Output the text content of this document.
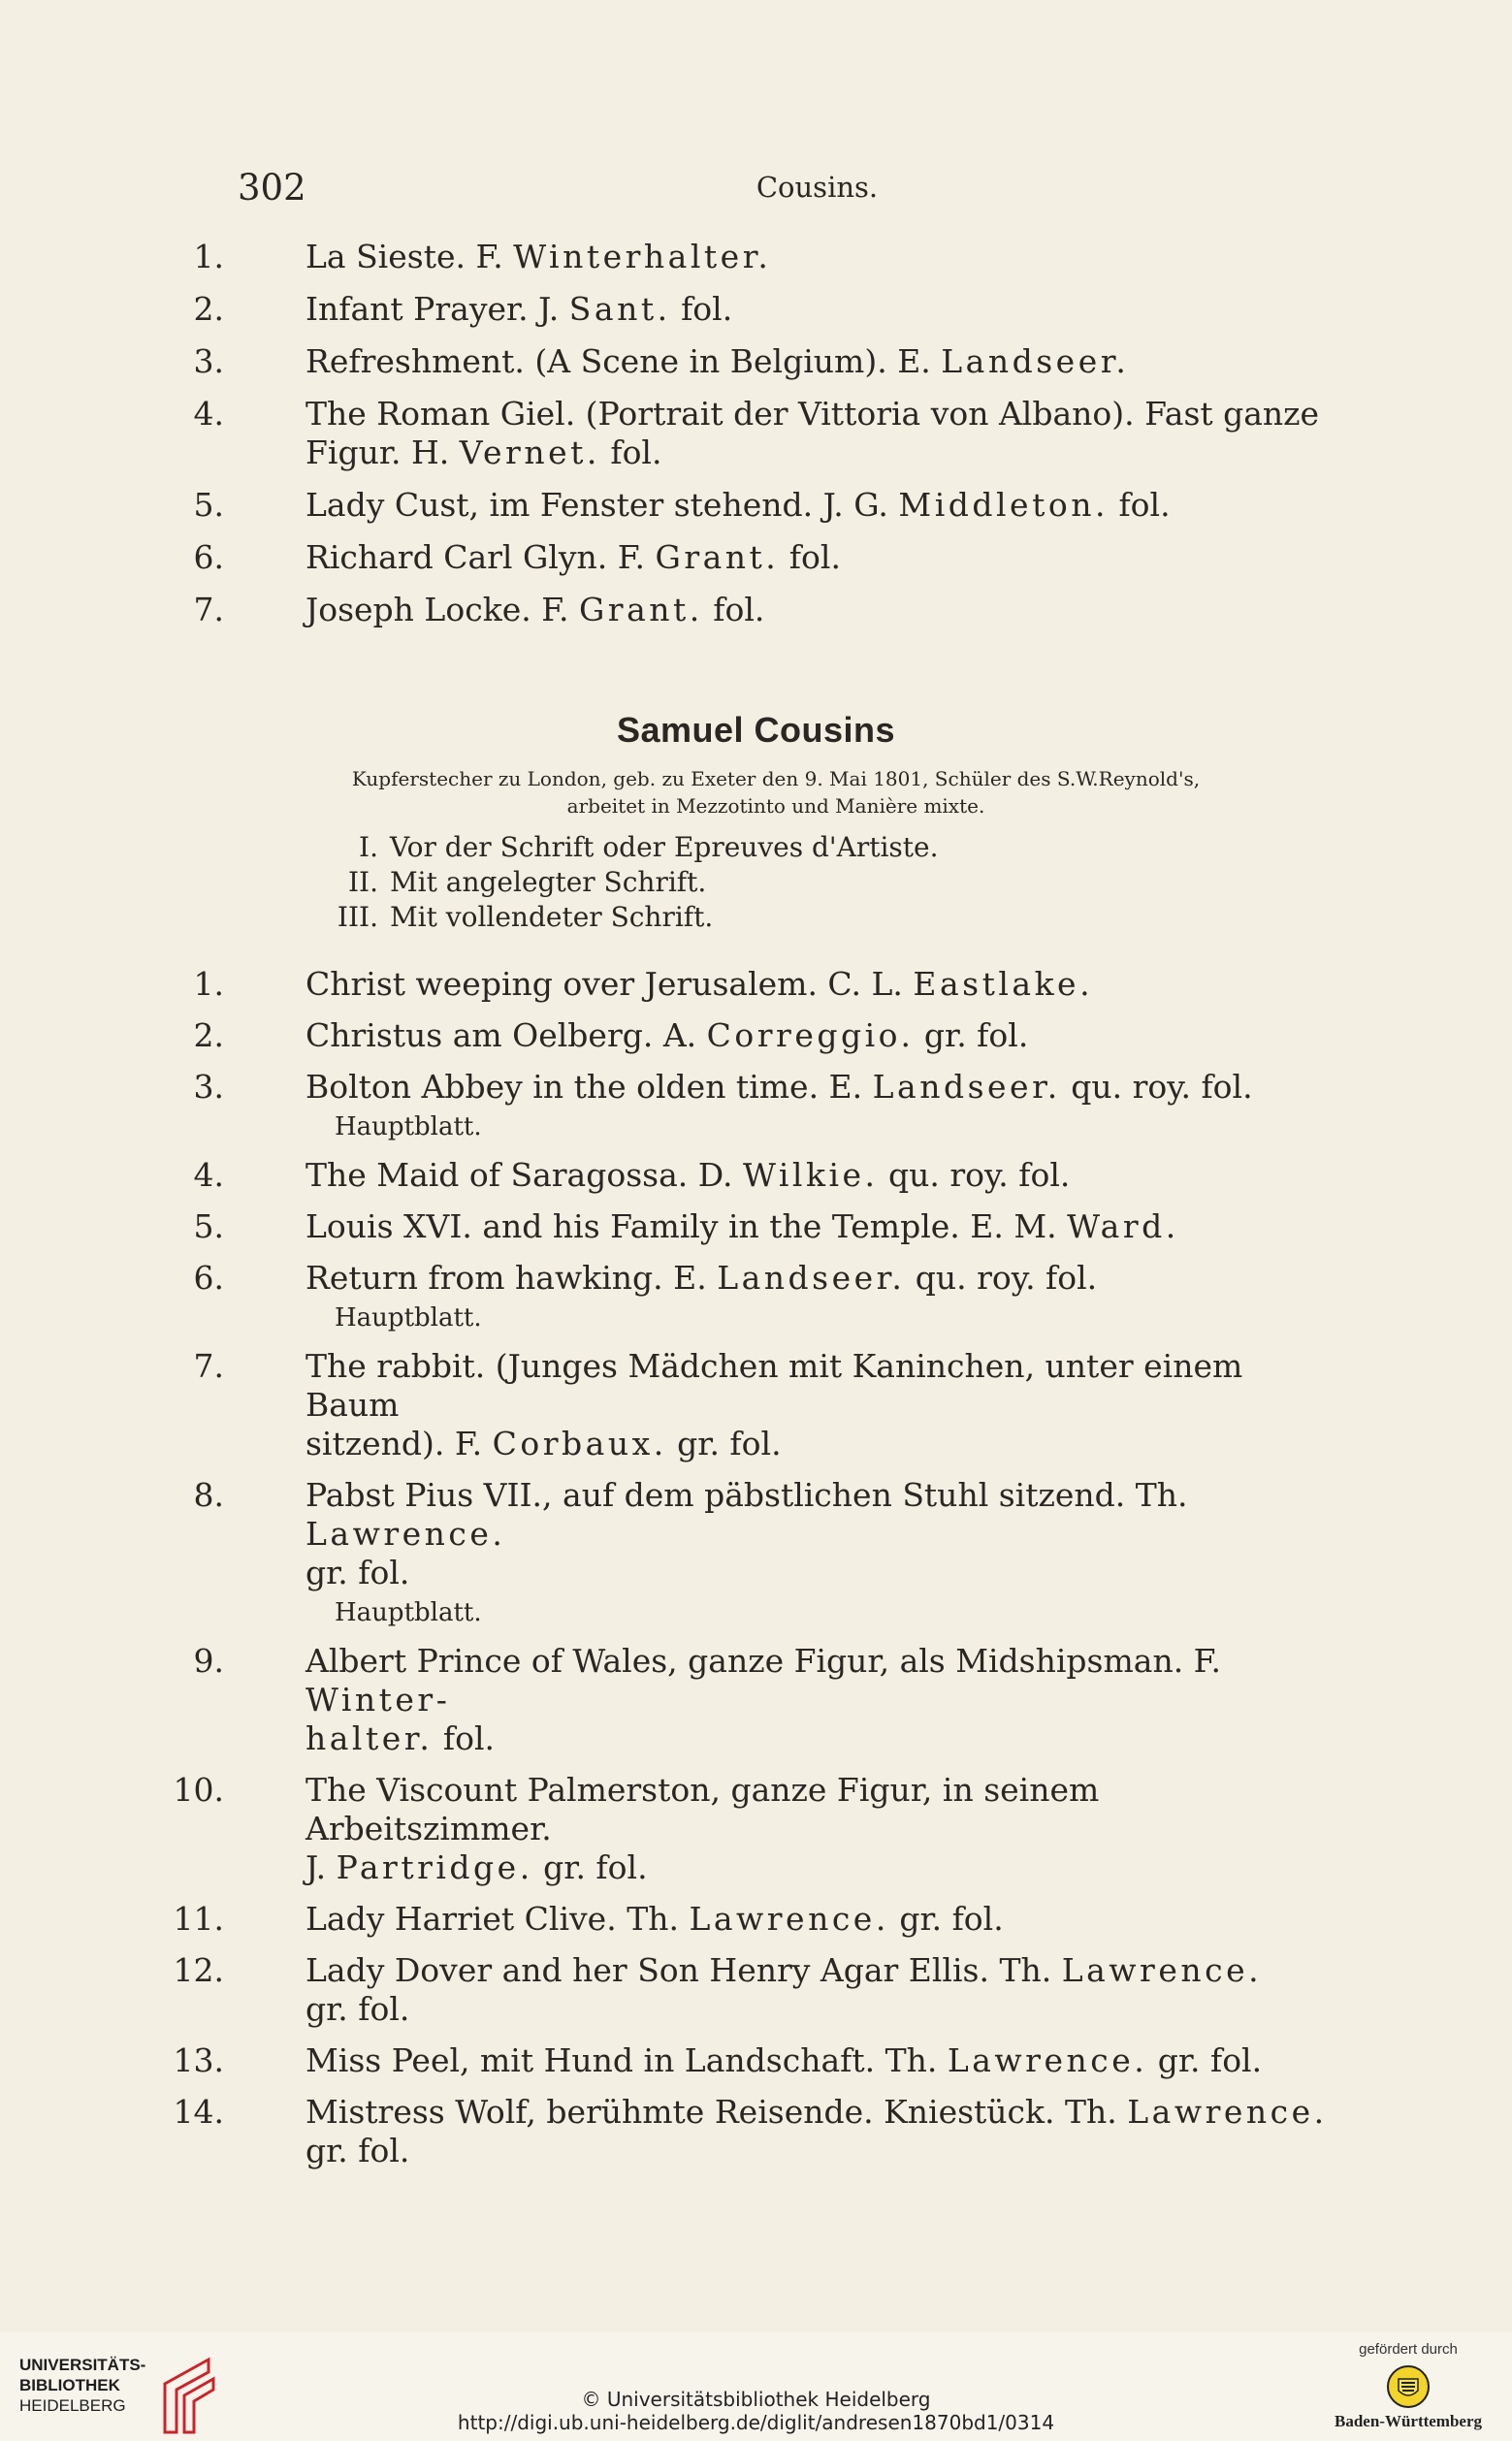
302	Cousins.
1.	La Sieste. F. Winterhalter.
2.	Infant Prayer. J. Sant. fol.
3.	Refreshment. (A Scene in Belgium). E. Landseer.
4.	The Roman Giel. (Portrait der Vittoria von Albano). Fast ganze
Figur. H. Vernet. fol.
5.	Lady Cust, im Fenster stehend. J. G. Middleton. fol.
6.	Richard Carl Glyn. F. Grant. fol.
7.	Joseph Locke. F. Grant. fol.
Samuel Cousins
Kupferstecher zu London, geb. zu Exeter den 9. Mai 1801, Schüler des S.W.Reynold's,
arbeitet in Mezzotinto und Manière mixte.
I. Vor der Schrift oder Epreuves d'Artiste.
II. Mit angelegter Schrift.
III. Mit vollendeter Schrift.
1.	Christ weeping over Jerusalem. C. L. Eastlake.
2.	Christus am Oelberg. A. Correggio. gr. fol.
3.	Bolton Abbey in the olden time. E. Landseer. qu. roy. fol.
Hauptblatt.
4.	The Maid of Saragossa. D. Wilkie. qu. roy. fol.
5.	Louis XVI. and his Family in the Temple. E. M. Ward.
6.	Return from hawking. E. Landseer. qu. roy. fol.
Hauptblatt.
7.	The rabbit. (Junges Mädchen mit Kaninchen, unter einem Baum
sitzend). F. Corbaux. gr. fol.
8.	Pabst Pius VII., auf dem päbstlichen Stuhl sitzend. Th. Lawrence.
gr. fol.
Hauptblatt.
9.	Albert Prince of Wales, ganze Figur, als Midshipsman. F. Winter-
halter. fol.
10.	The Viscount Palmerston, ganze Figur, in seinem Arbeitszimmer.
J. Partridge. gr. fol.
11.	Lady Harriet Clive. Th. Lawrence. gr. fol.
12.	Lady Dover and her Son Henry Agar Ellis. Th. Lawrence.
gr. fol.
13.	Miss Peel, mit Hund in Landschaft. Th. Lawrence. gr. fol.
14.	Mistress Wolf, berühmte Reisende. Kniestück. Th. Lawrence.
gr. fol.
UNIVERSITÄTS-
BIBLIOTHEK
HEIDELBERG	© Universitätsbibliothek Heidelberg
http://digi.ub.uni-heidelberg.de/diglit/andresen1870bd1/0314
gefördert durch
Baden-Württemberg
